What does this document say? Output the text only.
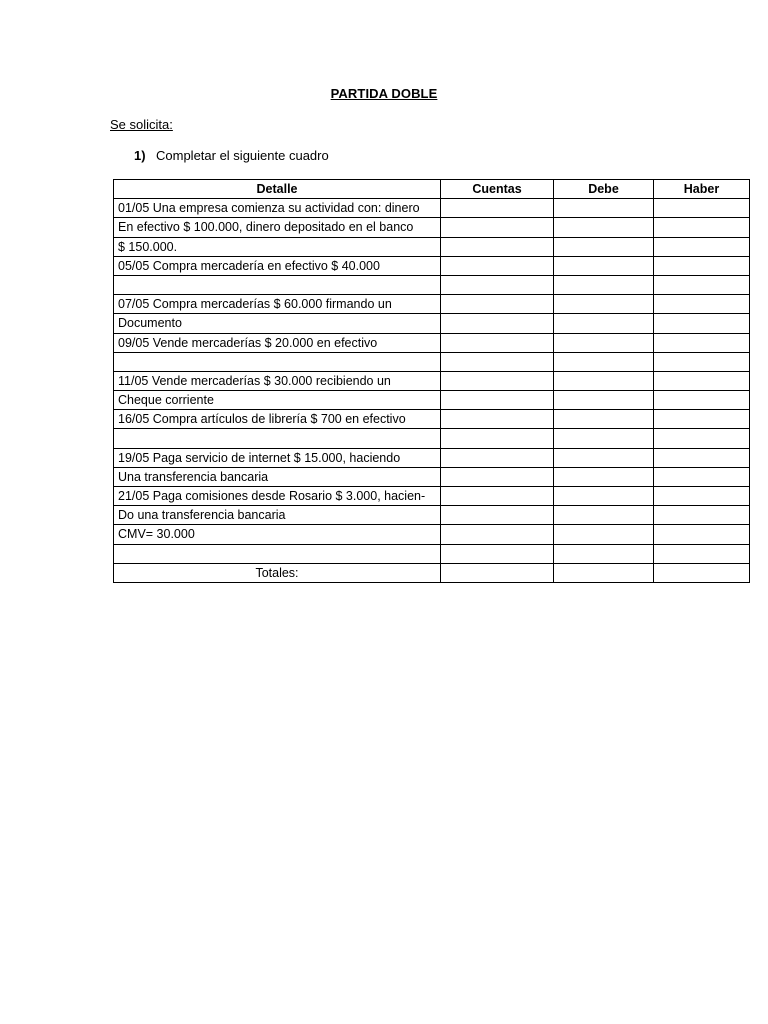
PARTIDA DOBLE
Se solicita:
1) Completar el siguiente cuadro
Detalle	Cuentas	Debe	Haber
01/05 Una empresa comienza su actividad con: dinero			
En efectivo $ 100.000, dinero depositado en el banco			
$ 150.000.			
05/05 Compra mercadería en efectivo $ 40.000			

07/05 Compra mercaderías $ 60.000 firmando un			
Documento			
09/05 Vende mercaderías $ 20.000 en efectivo			

11/05 Vende mercaderías $ 30.000 recibiendo un			
Cheque corriente			
16/05 Compra artículos de librería $ 700 en efectivo			

19/05 Paga servicio de internet $ 15.000, haciendo			
Una transferencia bancaria			
21/05 Paga comisiones desde Rosario $ 3.000, hacien-			
Do una transferencia bancaria			
CMV= 30.000			

Totales:			
